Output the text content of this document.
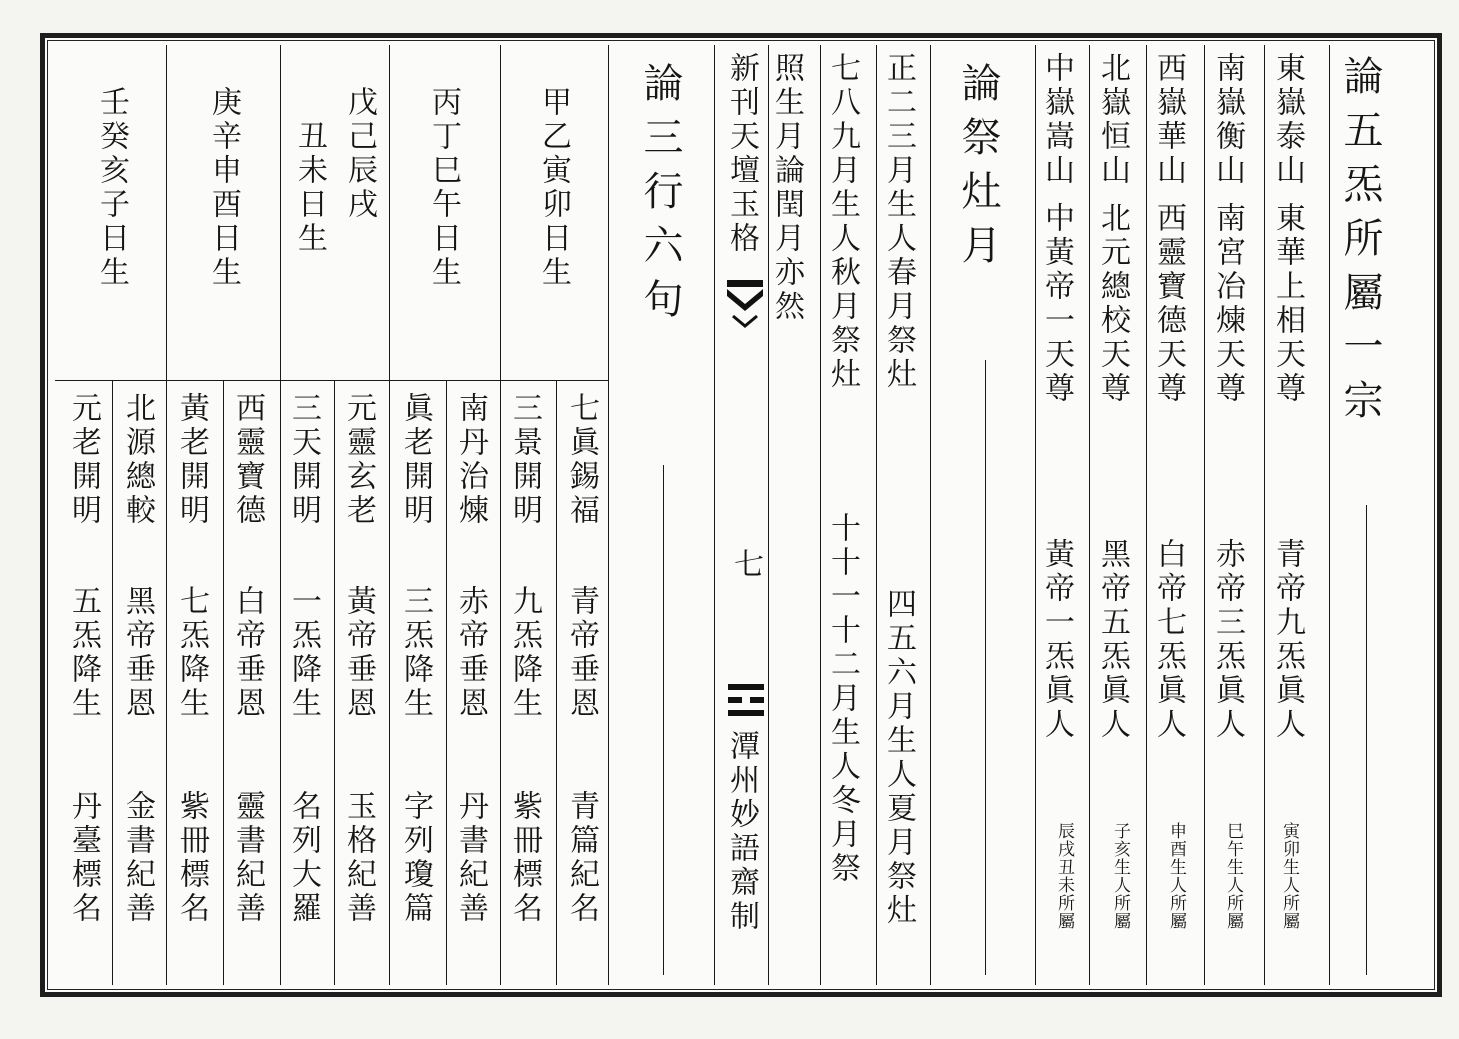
論五炁所屬一宗
東嶽泰山
東華上相天尊
青帝九炁眞人
寅卯生人所屬
南嶽衡山
南宮冶煉天尊
赤帝三炁眞人
巳午生人所屬
西嶽華山
西靈寶德天尊
白帝七炁眞人
申酉生人所屬
北嶽恒山
北元總校天尊
黑帝五炁眞人
子亥生人所屬
中嶽嵩山
中黃帝一天尊
黃帝一炁眞人
辰戌丑未所屬
論祭灶月
正二三月生人春月祭灶
四五六月生人夏月祭灶
七八九月生人秋月祭灶
十十一十二月生人冬月祭
照生月論閏月亦然
新刊天壇玉格
七
潭州妙語齋制
論三行六句
甲乙寅卯日生
丙丁巳午日生
戊己辰戌
丑未日生
庚辛申酉日生
壬癸亥子日生
七眞錫福
青帝垂恩
青篇紀名
三景開明
九炁降生
紫冊標名
南丹治煉
赤帝垂恩
丹書紀善
眞老開明
三炁降生
字列瓊篇
元靈玄老
黃帝垂恩
玉格紀善
三天開明
一炁降生
名列大羅
西靈寶德
白帝垂恩
靈書紀善
黃老開明
七炁降生
紫冊標名
北源總較
黑帝垂恩
金書紀善
元老開明
五炁降生
丹臺標名
